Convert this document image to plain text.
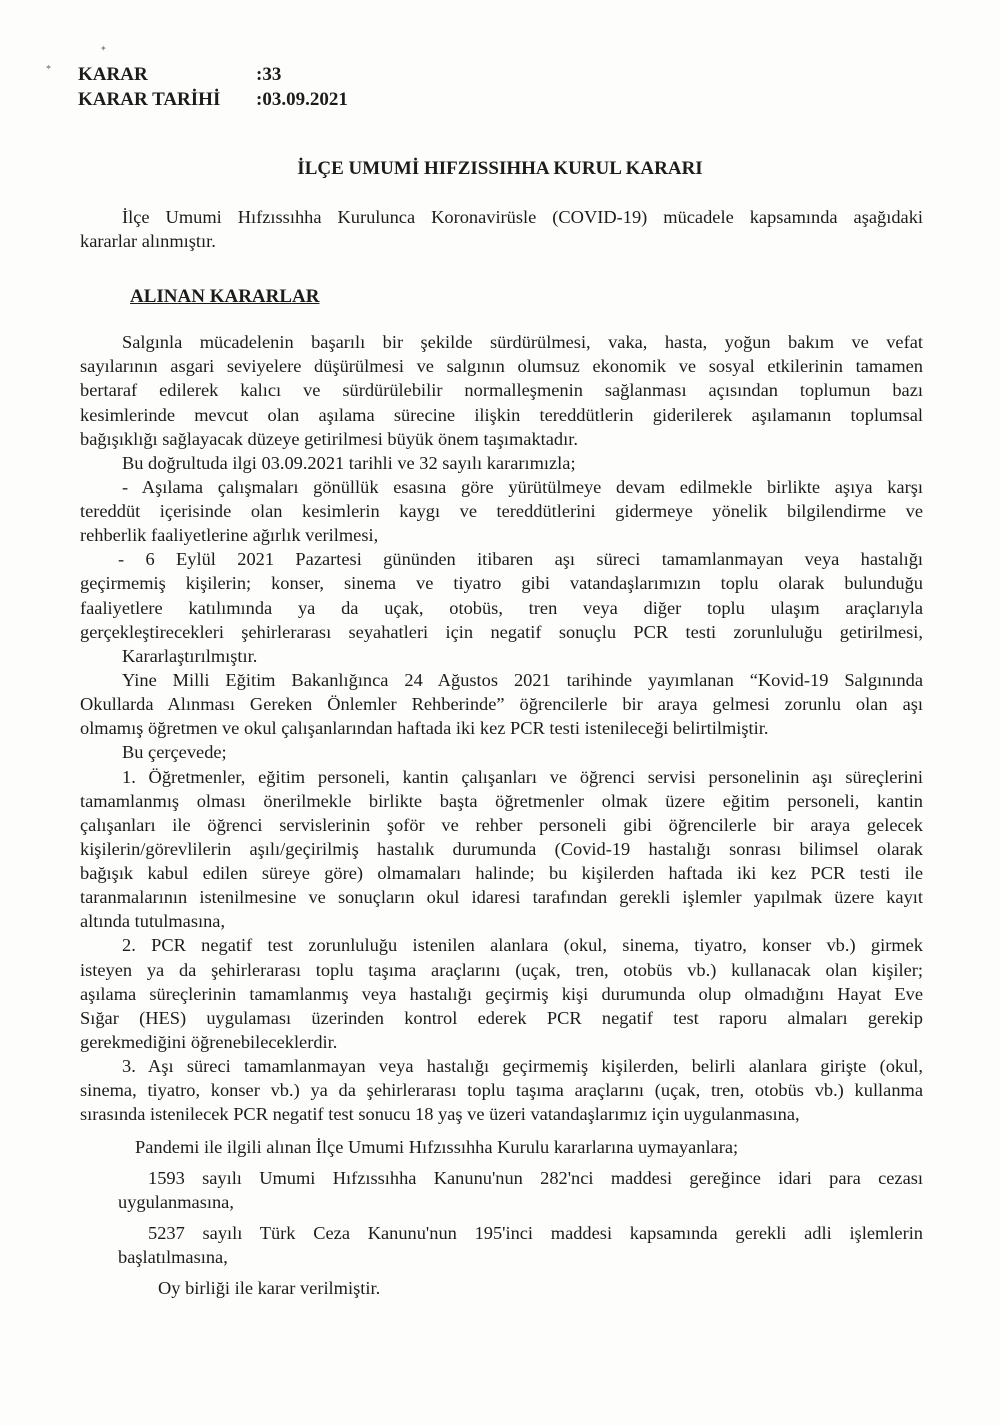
*
✦
KARAR	:33
KARAR TARİHİ :03.09.2021
İLÇE UMUMİ HIFZISSIHHA KURUL KARARI
İlçe Umumi Hıfzıssıhha Kurulunca Koronavirüsle (COVID-19) mücadele kapsamında aşağıdaki
kararlar alınmıştır.
ALINAN KARARLAR
Salgınla mücadelenin başarılı bir şekilde sürdürülmesi, vaka, hasta, yoğun bakım ve vefat
sayılarının asgari seviyelere düşürülmesi ve salgının olumsuz ekonomik ve sosyal etkilerinin tamamen
bertaraf edilerek kalıcı ve sürdürülebilir normalleşmenin sağlanması açısından toplumun bazı
kesimlerinde mevcut olan aşılama sürecine ilişkin tereddütlerin giderilerek aşılamanın toplumsal
bağışıklığı sağlayacak düzeye getirilmesi büyük önem taşımaktadır.
Bu doğrultuda ilgi 03.09.2021 tarihli ve 32 sayılı kararımızla;
- Aşılama çalışmaları gönüllük esasına göre yürütülmeye devam edilmekle birlikte aşıya karşı
tereddüt içerisinde olan kesimlerin kaygı ve tereddütlerini gidermeye yönelik bilgilendirme ve
rehberlik faaliyetlerine ağırlık verilmesi,
- 6 Eylül 2021 Pazartesi gününden itibaren aşı süreci tamamlanmayan veya hastalığı
geçirmemiş kişilerin; konser, sinema ve tiyatro gibi vatandaşlarımızın toplu olarak bulunduğu
faaliyetlere katılımında ya da uçak, otobüs, tren veya diğer toplu ulaşım araçlarıyla
gerçekleştirecekleri şehirlerarası seyahatleri için negatif sonuçlu PCR testi zorunluluğu getirilmesi,
Kararlaştırılmıştır.
Yine Milli Eğitim Bakanlığınca 24 Ağustos 2021 tarihinde yayımlanan “Kovid-19 Salgınında
Okullarda Alınması Gereken Önlemler Rehberinde” öğrencilerle bir araya gelmesi zorunlu olan aşı
olmamış öğretmen ve okul çalışanlarından haftada iki kez PCR testi istenileceği belirtilmiştir.
Bu çerçevede;
1. Öğretmenler, eğitim personeli, kantin çalışanları ve öğrenci servisi personelinin aşı süreçlerini
tamamlanmış olması önerilmekle birlikte başta öğretmenler olmak üzere eğitim personeli, kantin
çalışanları ile öğrenci servislerinin şoför ve rehber personeli gibi öğrencilerle bir araya gelecek
kişilerin/görevlilerin aşılı/geçirilmiş hastalık durumunda (Covid-19 hastalığı sonrası bilimsel olarak
bağışık kabul edilen süreye göre) olmamaları halinde; bu kişilerden haftada iki kez PCR testi ile
taranmalarının istenilmesine ve sonuçların okul idaresi tarafından gerekli işlemler yapılmak üzere kayıt
altında tutulmasına,
2. PCR negatif test zorunluluğu istenilen alanlara (okul, sinema, tiyatro, konser vb.) girmek
isteyen ya da şehirlerarası toplu taşıma araçlarını (uçak, tren, otobüs vb.) kullanacak olan kişiler;
aşılama süreçlerinin tamamlanmış veya hastalığı geçirmiş kişi durumunda olup olmadığını Hayat Eve
Sığar (HES) uygulaması üzerinden kontrol ederek PCR negatif test raporu almaları gerekip
gerekmediğini öğrenebileceklerdir.
3. Aşı süreci tamamlanmayan veya hastalığı geçirmemiş kişilerden, belirli alanlara girişte (okul,
sinema, tiyatro, konser vb.) ya da şehirlerarası toplu taşıma araçlarını (uçak, tren, otobüs vb.) kullanma
sırasında istenilecek PCR negatif test sonucu 18 yaş ve üzeri vatandaşlarımız için uygulanmasına,
Pandemi ile ilgili alınan İlçe Umumi Hıfzıssıhha Kurulu kararlarına uymayanlara;
1593 sayılı Umumi Hıfzıssıhha Kanunu'nun 282'nci maddesi gereğince idari para cezası
uygulanmasına,
5237 sayılı Türk Ceza Kanunu'nun 195'inci maddesi kapsamında gerekli adli işlemlerin
başlatılmasına,
Oy birliği ile karar verilmiştir.
